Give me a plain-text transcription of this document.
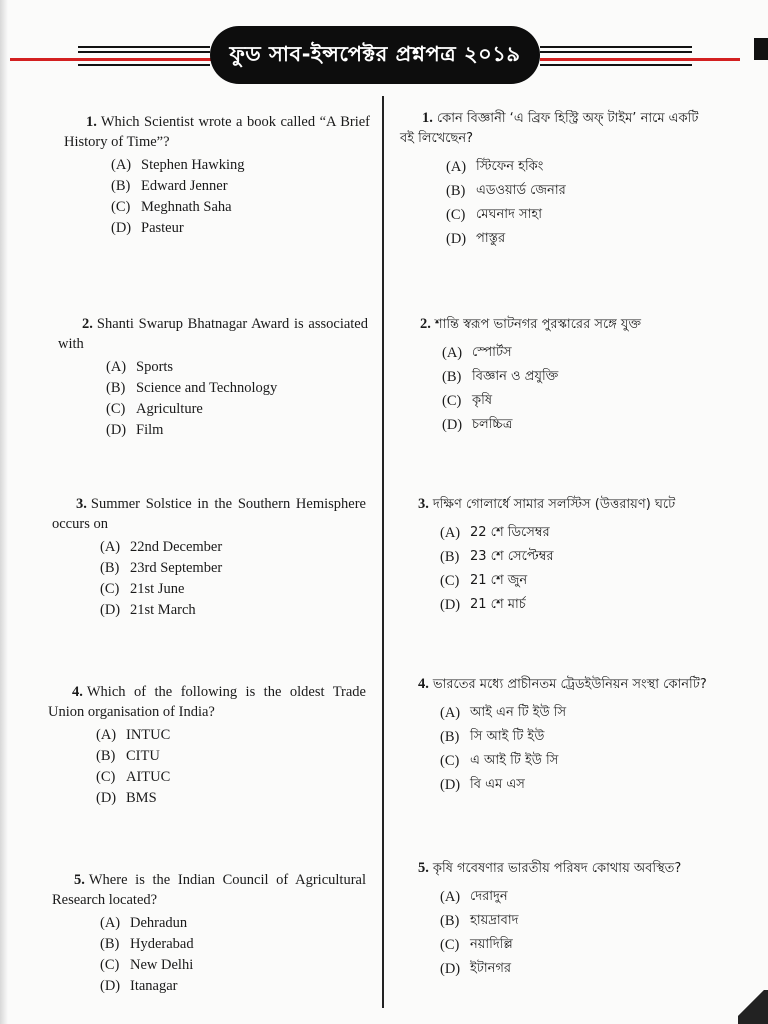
ফুড সাব-ইন্সপেক্টর প্রশ্নপত্র ২০১৯

1. Which Scientist wrote a book called “A Brief History of Time”?

(A) Stephen Hawking
(B) Edward Jenner
(C) Meghnath Saha
(D) Pasteur

2. Shanti Swarup Bhatnagar Award is associated with

(A) Sports
(B) Science and Technology
(C) Agriculture
(D) Film

3. Summer Solstice in the Southern Hemisphere occurs on

(A) 22nd December
(B) 23rd September
(C) 21st June
(D) 21st March

4. Which of the following is the oldest Trade Union organisation of India?

(A) INTUC
(B) CITU
(C) AITUC
(D) BMS

5. Where is the Indian Council of Agricultural Research located?

(A) Dehradun
(B) Hyderabad
(C) New Delhi
(D) Itanagar

1. কোন বিজ্ঞানী ‘এ ব্রিফ হিস্ট্রি অফ্ টাইম’ নামে একটি বই লিখেছেন?

(A) স্টিফেন হকিং
(B) এডওয়ার্ড জেনার
(C) মেঘনাদ সাহা
(D) পাস্তুর

2. শান্তি স্বরূপ ভাটনগর পুরস্কারের সঙ্গে যুক্ত

(A) স্পোর্টস
(B) বিজ্ঞান ও প্রযুক্তি
(C) কৃষি
(D) চলচ্চিত্র

3. দক্ষিণ গোলার্ধে সামার সলস্টিস (উত্তরায়ণ) ঘটে

(A) 22 শে ডিসেম্বর
(B) 23 শে সেপ্টেম্বর
(C) 21 শে জুন
(D) 21 শে মার্চ

4. ভারতের মধ্যে প্রাচীনতম ট্রেডইউনিয়ন সংস্থা কোনটি?

(A) আই এন টি ইউ সি
(B) সি আই টি ইউ
(C) এ আই টি ইউ সি
(D) বি এম এস

5. কৃষি গবেষণার ভারতীয় পরিষদ কোথায় অবস্থিত?

(A) দেরাদুন
(B) হায়দ্রাবাদ
(C) নয়াদিল্লি
(D) ইটানগর
